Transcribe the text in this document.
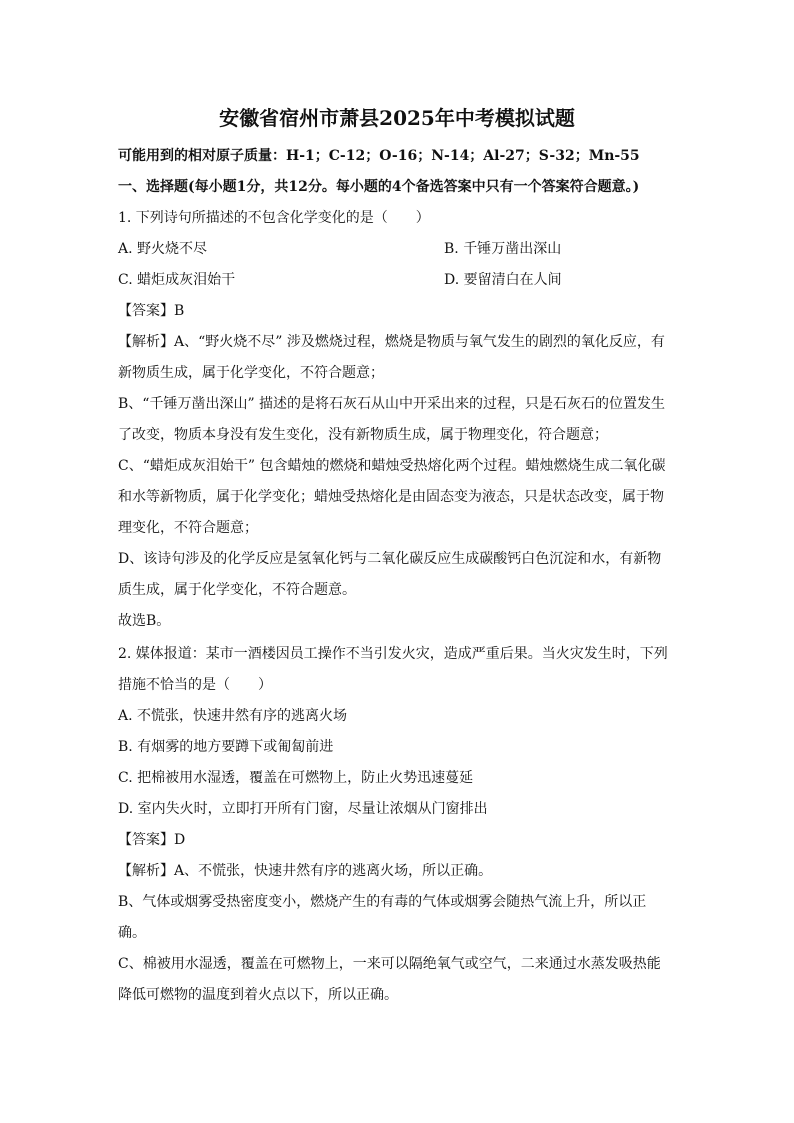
安徽省宿州市萧县2025年中考模拟试题
可能用到的相对原子质量：H-1；C-12；O-16；N-14；Al-27；S-32；Mn-55
一、选择题(每小题1分，共12分。每小题的4个备选答案中只有一个答案符合题意。)
1. 下列诗句所描述的不包含化学变化的是（　　）
A. 野火烧不尽	B. 千锤万凿出深山
C. 蜡炬成灰泪始干	D. 要留清白在人间
【答案】B
【解析】A、“野火烧不尽” 涉及燃烧过程，燃烧是物质与氧气发生的剧烈的氧化反应，有
新物质生成，属于化学变化，不符合题意；
B、“千锤万凿出深山” 描述的是将石灰石从山中开采出来的过程，只是石灰石的位置发生
了改变，物质本身没有发生变化，没有新物质生成，属于物理变化，符合题意；
C、“蜡炬成灰泪始干” 包含蜡烛的燃烧和蜡烛受热熔化两个过程。蜡烛燃烧生成二氧化碳
和水等新物质，属于化学变化；蜡烛受热熔化是由固态变为液态，只是状态改变，属于物
理变化，不符合题意；
D、该诗句涉及的化学反应是氢氧化钙与二氧化碳反应生成碳酸钙白色沉淀和水，有新物
质生成，属于化学变化，不符合题意。
故选B。
2. 媒体报道：某市一酒楼因员工操作不当引发火灾，造成严重后果。当火灾发生时，下列
措施不恰当的是（　　）
A. 不慌张，快速井然有序的逃离火场
B. 有烟雾的地方要蹲下或匍匐前进
C. 把棉被用水湿透，覆盖在可燃物上，防止火势迅速蔓延
D. 室内失火时，立即打开所有门窗，尽量让浓烟从门窗排出
【答案】D
【解析】A、不慌张，快速井然有序的逃离火场，所以正确。
B、气体或烟雾受热密度变小，燃烧产生的有毒的气体或烟雾会随热气流上升，所以正
确。
C、棉被用水湿透，覆盖在可燃物上，一来可以隔绝氧气或空气，二来通过水蒸发吸热能
降低可燃物的温度到着火点以下，所以正确。
